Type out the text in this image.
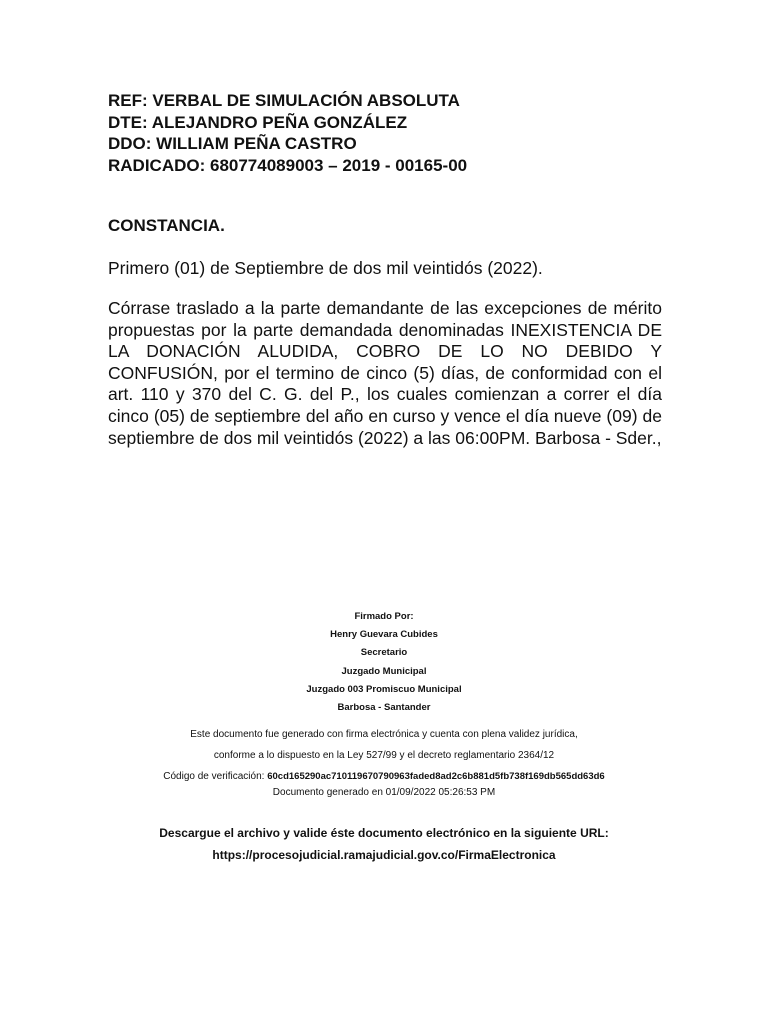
REF: VERBAL DE SIMULACIÓN ABSOLUTA
DTE: ALEJANDRO PEÑA GONZÁLEZ
DDO: WILLIAM PEÑA CASTRO
RADICADO: 680774089003 – 2019 - 00165-00
CONSTANCIA.
Primero (01) de Septiembre de dos mil veintidós (2022).
Córrase traslado a la parte demandante de las excepciones de mérito propuestas por la parte demandada denominadas INEXISTENCIA DE LA DONACIÓN ALUDIDA, COBRO DE LO NO DEBIDO Y CONFUSIÓN, por el termino de cinco (5) días, de conformidad con el art. 110 y 370 del C. G. del P., los cuales comienzan a correr el día cinco (05) de septiembre del año en curso y vence el día nueve (09) de septiembre de dos mil veintidós (2022) a las 06:00PM. Barbosa - Sder.,
Firmado Por:
Henry Guevara Cubides
Secretario
Juzgado Municipal
Juzgado 003 Promiscuo Municipal
Barbosa - Santander
Este documento fue generado con firma electrónica y cuenta con plena validez jurídica,
conforme a lo dispuesto en la Ley 527/99 y el decreto reglamentario 2364/12
Código de verificación: 60cd165290ac710119670790963faded8ad2c6b881d5fb738f169db565dd63d6
Documento generado en 01/09/2022 05:26:53 PM
Descargue el archivo y valide éste documento electrónico en la siguiente URL:
https://procesojudicial.ramajudicial.gov.co/FirmaElectronica
